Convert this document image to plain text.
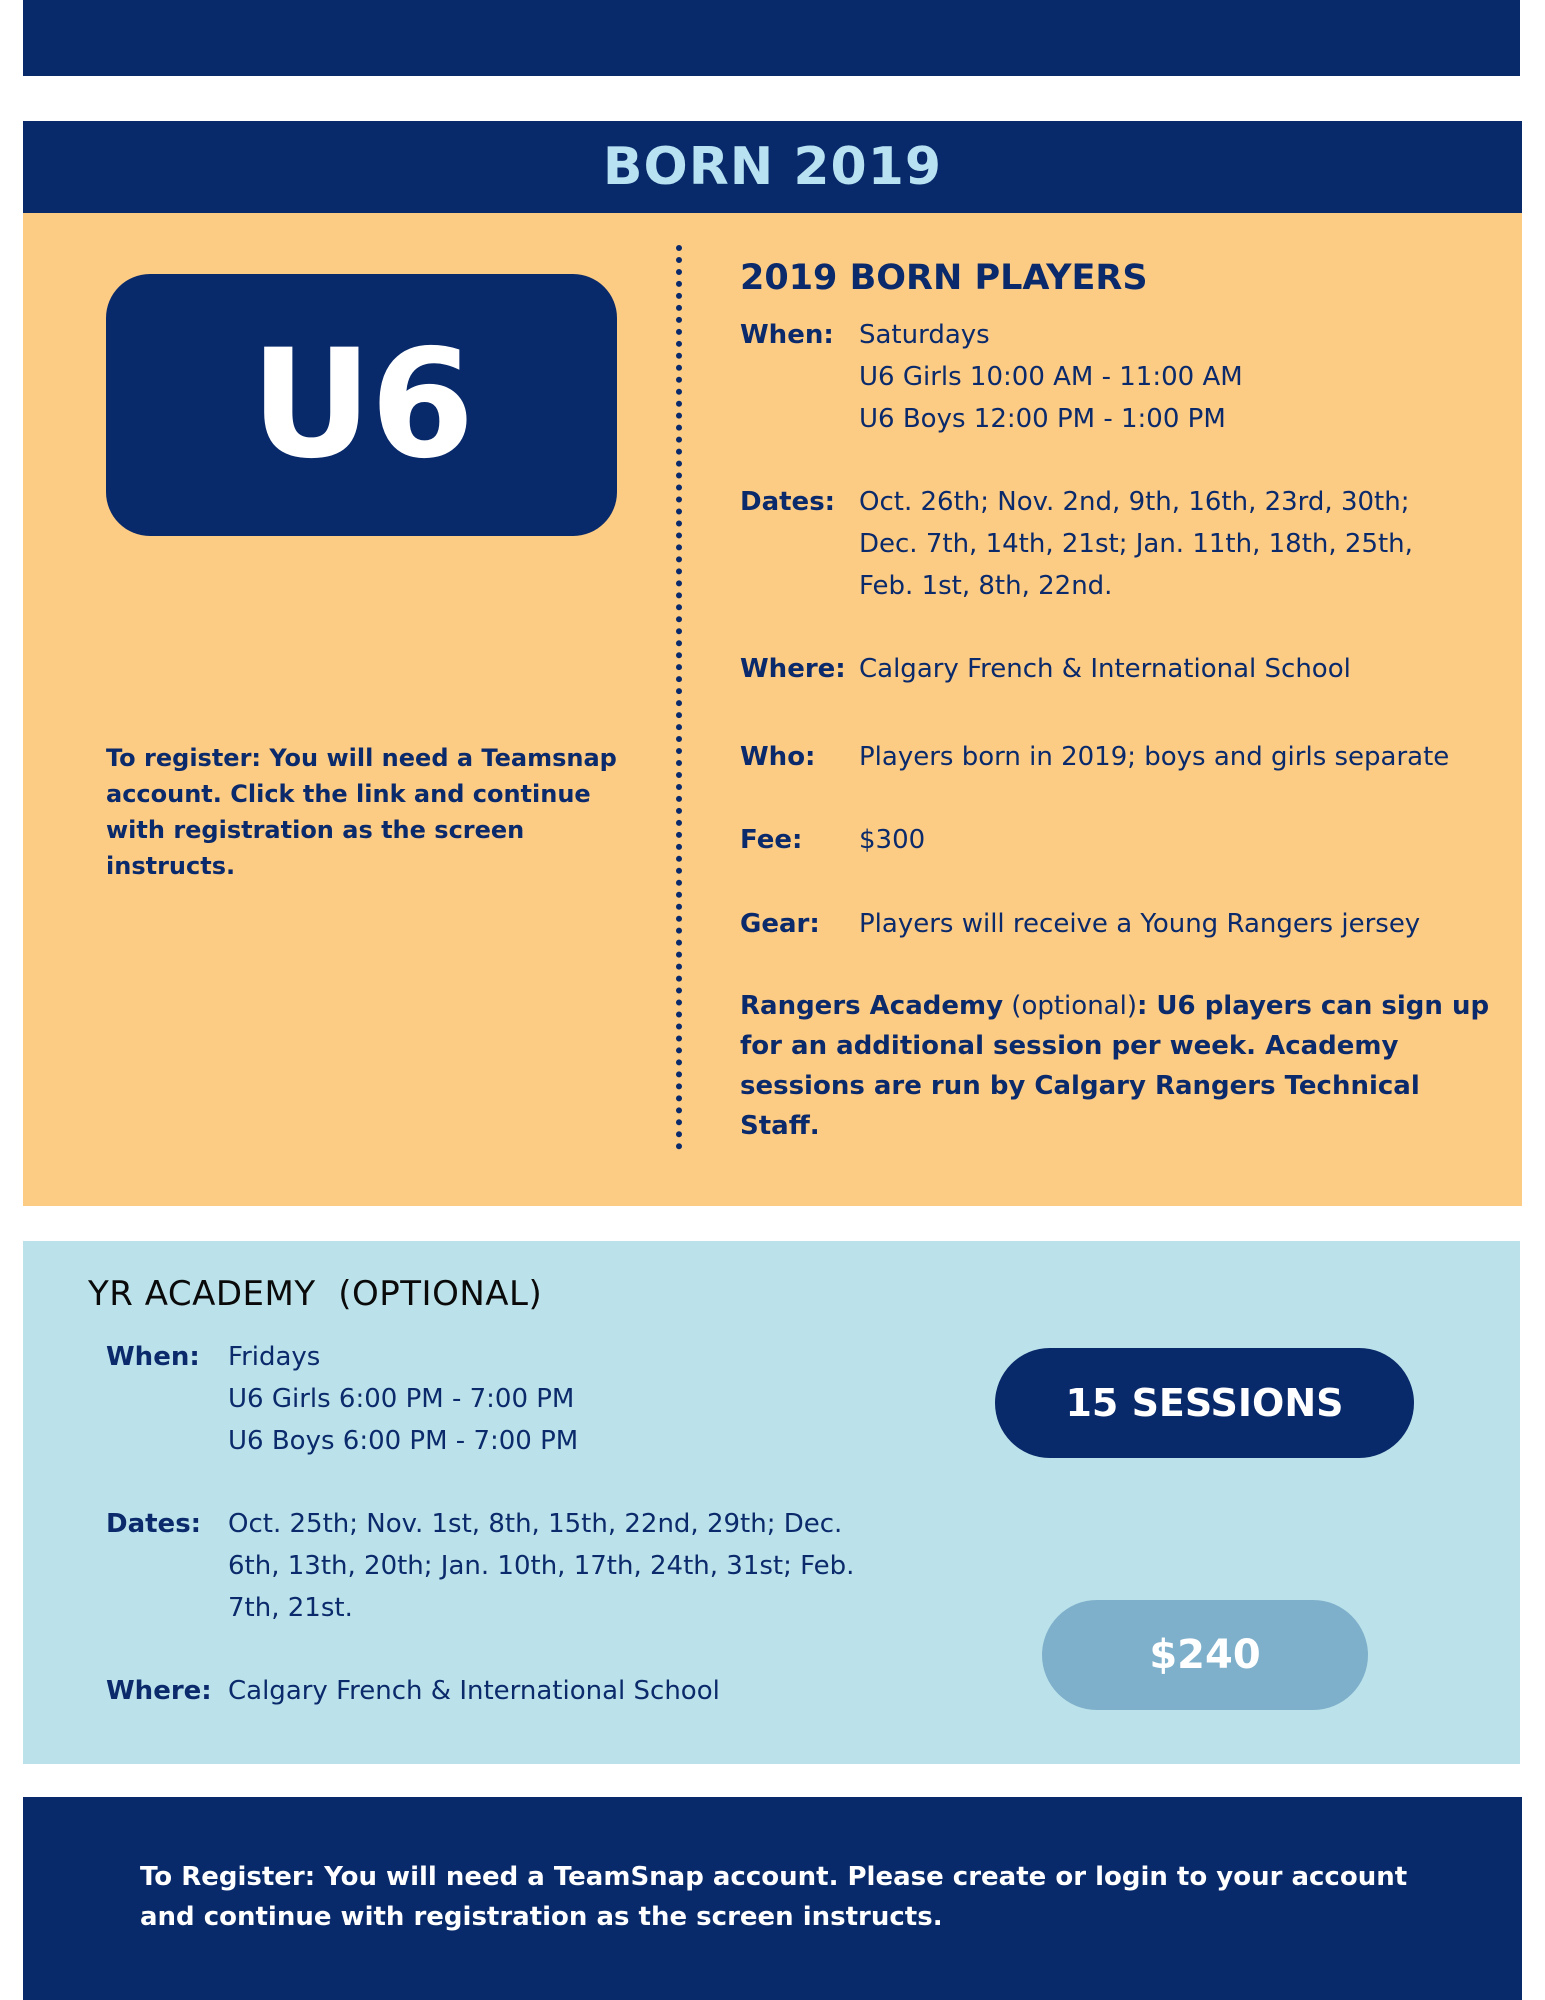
BORN 2019
U6
To register: You will need a Teamsnap account. Click the link and continue with registration as the screen instructs.
2019 BORN PLAYERS
When: Saturdays
U6 Girls 10:00 AM - 11:00 AM
U6 Boys 12:00 PM - 1:00 PM
Dates: Oct. 26th; Nov. 2nd, 9th, 16th, 23rd, 30th;
Dec. 7th, 14th, 21st; Jan. 11th, 18th, 25th,
Feb. 1st, 8th, 22nd.
Where: Calgary French & International School
Who:	Players born in 2019; boys and girls separate
Fee:	$300
Gear:	Players will receive a Young Rangers jersey
Rangers Academy (optional): U6 players can sign up for an additional session per week. Academy sessions are run by Calgary Rangers Technical Staff.
YR ACADEMY  (OPTIONAL)
When:	Fridays
U6 Girls 6:00 PM - 7:00 PM
U6 Boys 6:00 PM - 7:00 PM
Dates:	Oct. 25th; Nov. 1st, 8th, 15th, 22nd, 29th; Dec.
6th, 13th, 20th; Jan. 10th, 17th, 24th, 31st; Feb.
7th, 21st.
Where: Calgary French & International School
15 SESSIONS
$240
To Register: You will need a TeamSnap account. Please create or login to your account and continue with registration as the screen instructs.
